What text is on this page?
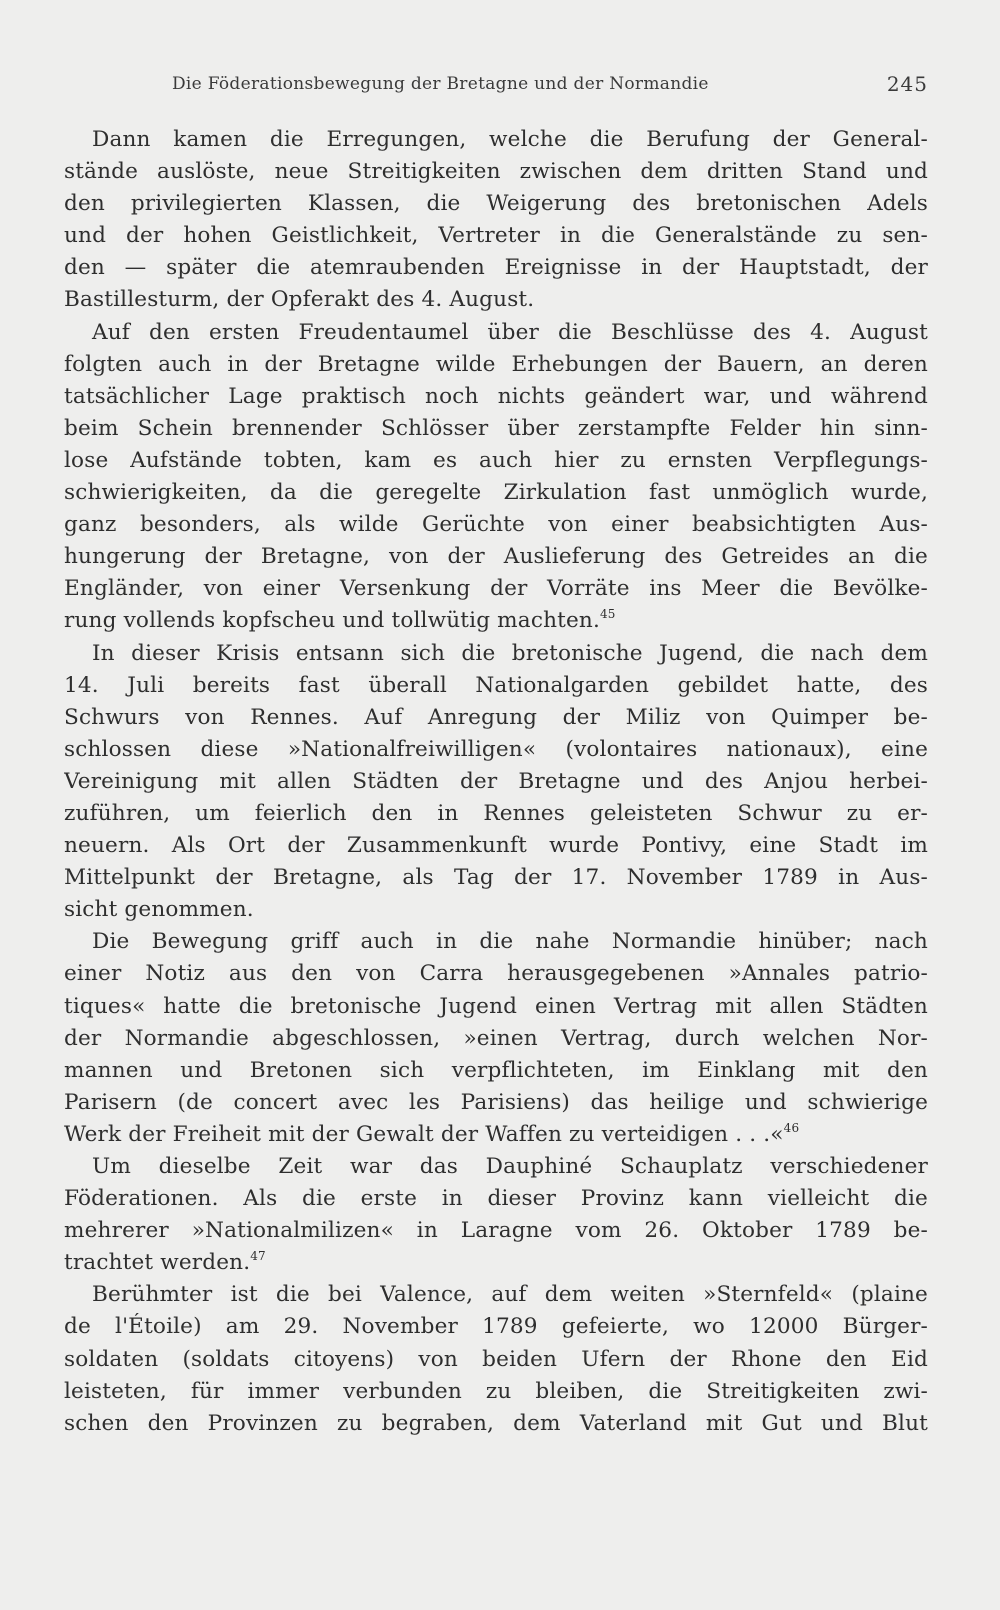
Die Föderationsbewegung der Bretagne und der Normandie	245
Dann kamen die Erregungen, welche die Berufung der General-
stände auslöste, neue Streitigkeiten zwischen dem dritten Stand und
den privilegierten Klassen, die Weigerung des bretonischen Adels
und der hohen Geistlichkeit, Vertreter in die Generalstände zu sen-
den — später die atemraubenden Ereignisse in der Hauptstadt, der
Bastillesturm, der Opferakt des 4. August.
Auf den ersten Freudentaumel über die Beschlüsse des 4. August
folgten auch in der Bretagne wilde Erhebungen der Bauern, an deren
tatsächlicher Lage praktisch noch nichts geändert war, und während
beim Schein brennender Schlösser über zerstampfte Felder hin sinn-
lose Aufstände tobten, kam es auch hier zu ernsten Verpflegungs-
schwierigkeiten, da die geregelte Zirkulation fast unmöglich wurde,
ganz besonders, als wilde Gerüchte von einer beabsichtigten Aus-
hungerung der Bretagne, von der Auslieferung des Getreides an die
Engländer, von einer Versenkung der Vorräte ins Meer die Bevölke-
rung vollends kopfscheu und tollwütig machten.$^{45}$
In dieser Krisis entsann sich die bretonische Jugend, die nach dem
14. Juli bereits fast überall Nationalgarden gebildet hatte, des
Schwurs von Rennes. Auf Anregung der Miliz von Quimper be-
schlossen diese »Nationalfreiwilligen« (volontaires nationaux), eine
Vereinigung mit allen Städten der Bretagne und des Anjou herbei-
zuführen, um feierlich den in Rennes geleisteten Schwur zu er-
neuern. Als Ort der Zusammenkunft wurde Pontivy, eine Stadt im
Mittelpunkt der Bretagne, als Tag der 17. November 1789 in Aus-
sicht genommen.
Die Bewegung griff auch in die nahe Normandie hinüber; nach
einer Notiz aus den von Carra herausgegebenen »Annales patrio-
tiques« hatte die bretonische Jugend einen Vertrag mit allen Städten
der Normandie abgeschlossen, »einen Vertrag, durch welchen Nor-
mannen und Bretonen sich verpflichteten, im Einklang mit den
Parisern (de concert avec les Parisiens) das heilige und schwierige
Werk der Freiheit mit der Gewalt der Waffen zu verteidigen . . .«$^{46}$
Um dieselbe Zeit war das Dauphiné Schauplatz verschiedener
Föderationen. Als die erste in dieser Provinz kann vielleicht die
mehrerer »Nationalmilizen« in Laragne vom 26. Oktober 1789 be-
trachtet werden.$^{47}$
Berühmter ist die bei Valence, auf dem weiten »Sternfeld« (plaine
de l'Étoile) am 29. November 1789 gefeierte, wo 12000 Bürger-
soldaten (soldats citoyens) von beiden Ufern der Rhone den Eid
leisteten, für immer verbunden zu bleiben, die Streitigkeiten zwi-
schen den Provinzen zu begraben, dem Vaterland mit Gut und Blut
